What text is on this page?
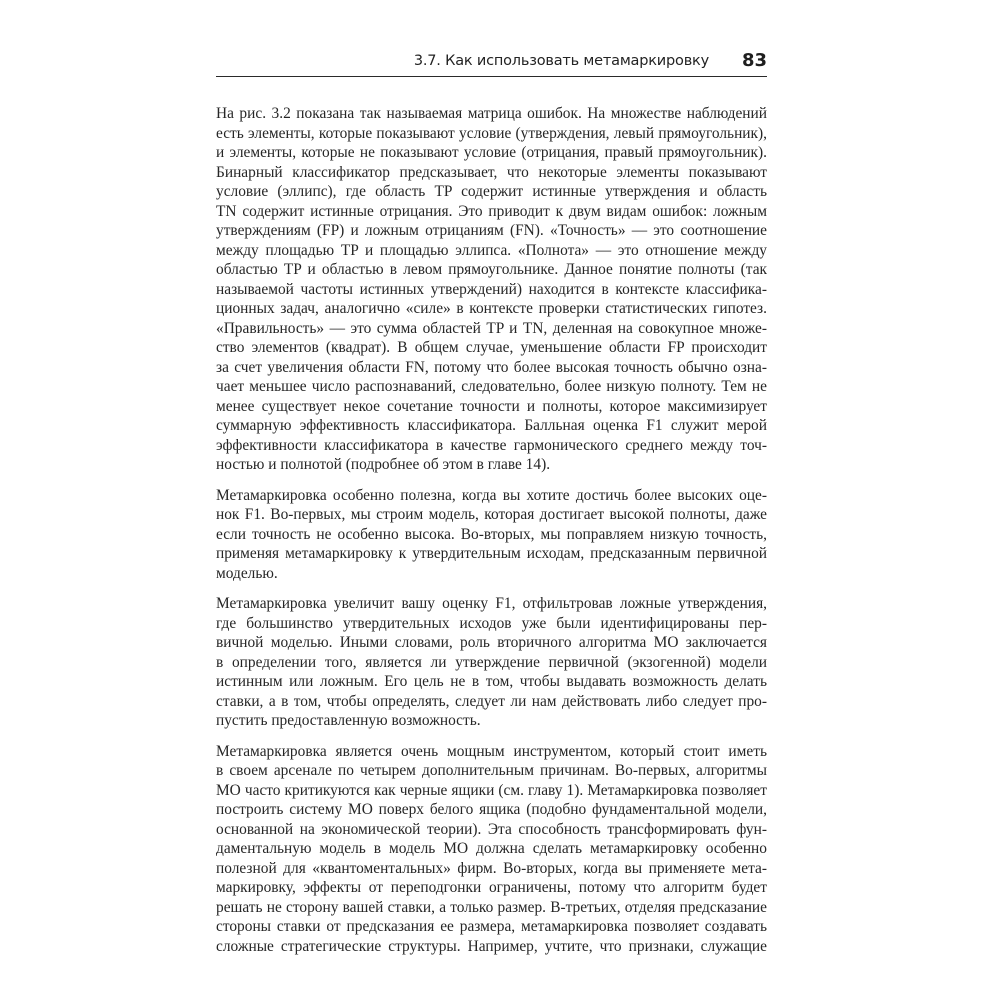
3.7. Как использовать метамаркировку 83
На рис. 3.2 показана так называемая матрица ошибок. На множестве наблюдений
есть элементы, которые показывают условие (утверждения, левый прямоугольник),
и элементы, которые не показывают условие (отрицания, правый прямоугольник).
Бинарный классификатор предсказывает, что некоторые элементы показывают
условие (эллипс), где область TP содержит истинные утверждения и область
TN содержит истинные отрицания. Это приводит к двум видам ошибок: ложным
утверждениям (FP) и ложным отрицаниям (FN). «Точность» — это соотношение
между площадью TP и площадью эллипса. «Полнота» — это отношение между
областью TP и областью в левом прямоугольнике. Данное понятие полноты (так
называемой частоты истинных утверждений) находится в контексте классифика-
ционных задач, аналогично «силе» в контексте проверки статистических гипотез.
«Правильность» — это сумма областей TP и TN, деленная на совокупное множе-
ство элементов (квадрат). В общем случае, уменьшение области FP происходит
за счет увеличения области FN, потому что более высокая точность обычно озна-
чает меньшее число распознаваний, следовательно, более низкую полноту. Тем не
менее существует некое сочетание точности и полноты, которое максимизирует
суммарную эффективность классификатора. Балльная оценка F1 служит мерой
эффективности классификатора в качестве гармонического среднего между точ-
ностью и полнотой (подробнее об этом в главе 14).
Метамаркировка особенно полезна, когда вы хотите достичь более высоких оце-
нок F1. Во-первых, мы строим модель, которая достигает высокой полноты, даже
если точность не особенно высока. Во-вторых, мы поправляем низкую точность,
применяя метамаркировку к утвердительным исходам, предсказанным первичной
моделью.
Метамаркировка увеличит вашу оценку F1, отфильтровав ложные утверждения,
где большинство утвердительных исходов уже были идентифицированы пер-
вичной моделью. Иными словами, роль вторичного алгоритма МО заключается
в определении того, является ли утверждение первичной (экзогенной) модели
истинным или ложным. Его цель не в том, чтобы выдавать возможность делать
ставки, а в том, чтобы определять, следует ли нам действовать либо следует про-
пустить предоставленную возможность.
Метамаркировка является очень мощным инструментом, который стоит иметь
в своем арсенале по четырем дополнительным причинам. Во-первых, алгоритмы
МО часто критикуются как черные ящики (см. главу 1). Метамаркировка позволяет
построить систему МО поверх белого ящика (подобно фундаментальной модели,
основанной на экономической теории). Эта способность трансформировать фун-
даментальную модель в модель МО должна сделать метамаркировку особенно
полезной для «квантоментальных» фирм. Во-вторых, когда вы применяете мета-
маркировку, эффекты от переподгонки ограничены, потому что алгоритм будет
решать не сторону вашей ставки, а только размер. В-третьих, отделяя предсказание
стороны ставки от предсказания ее размера, метамаркировка позволяет создавать
сложные стратегические структуры. Например, учтите, что признаки, служащие
